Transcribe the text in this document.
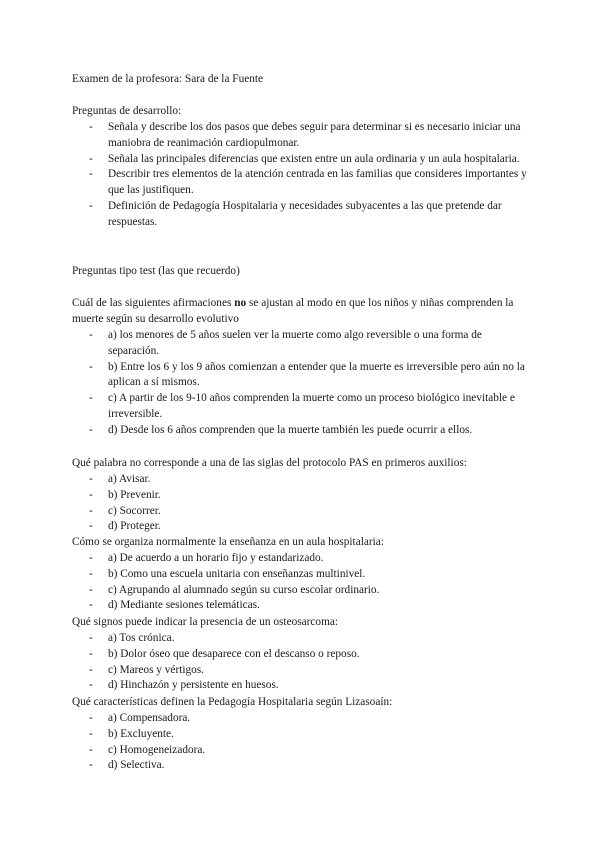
Examen de la profesora: Sara de la Fuente
Preguntas de desarrollo:
- Señala y describe los dos pasos que debes seguir para determinar si es necesario iniciar una maniobra de reanimación cardiopulmonar.
- Señala las principales diferencias que existen entre un aula ordinaria y un aula hospitalaria.
- Describir tres elementos de la atención centrada en las familias que consideres importantes y que las justifiquen.
- Definición de Pedagogía Hospitalaria y necesidades subyacentes a las que pretende dar respuestas.
Preguntas tipo test (las que recuerdo)
Cuál de las siguientes afirmaciones no se ajustan al modo en que los niños y niñas comprenden la muerte según su desarrollo evolutivo
- a) los menores de 5 años suelen ver la muerte como algo reversible o una forma de separación.
- b) Entre los 6 y los 9 años comienzan a entender que la muerte es irreversible pero aún no la aplican a sí mismos.
- c) A partir de los 9-10 años comprenden la muerte como un proceso biológico inevitable e irreversible.
- d) Desde los 6 años comprenden que la muerte también les puede ocurrir a ellos.
Qué palabra no corresponde a una de las siglas del protocolo PAS en primeros auxilios:
- a) Avisar.
- b) Prevenir.
- c) Socorrer.
- d) Proteger.
Cómo se organiza normalmente la enseñanza en un aula hospitalaria:
- a) De acuerdo a un horario fijo y estandarizado.
- b) Como una escuela unitaria con enseñanzas multinivel.
- c) Agrupando al alumnado según su curso escolar ordinario.
- d) Mediante sesiones telemáticas.
Qué signos puede indicar la presencia de un osteosarcoma:
- a) Tos crónica.
- b) Dolor óseo que desaparece con el descanso o reposo.
- c) Mareos y vértigos.
- d) Hinchazón y persistente en huesos.
Qué características definen la Pedagogía Hospitalaria según Lizasoaín:
- a) Compensadora.
- b) Excluyente.
- c) Homogeneizadora.
- d) Selectiva.
